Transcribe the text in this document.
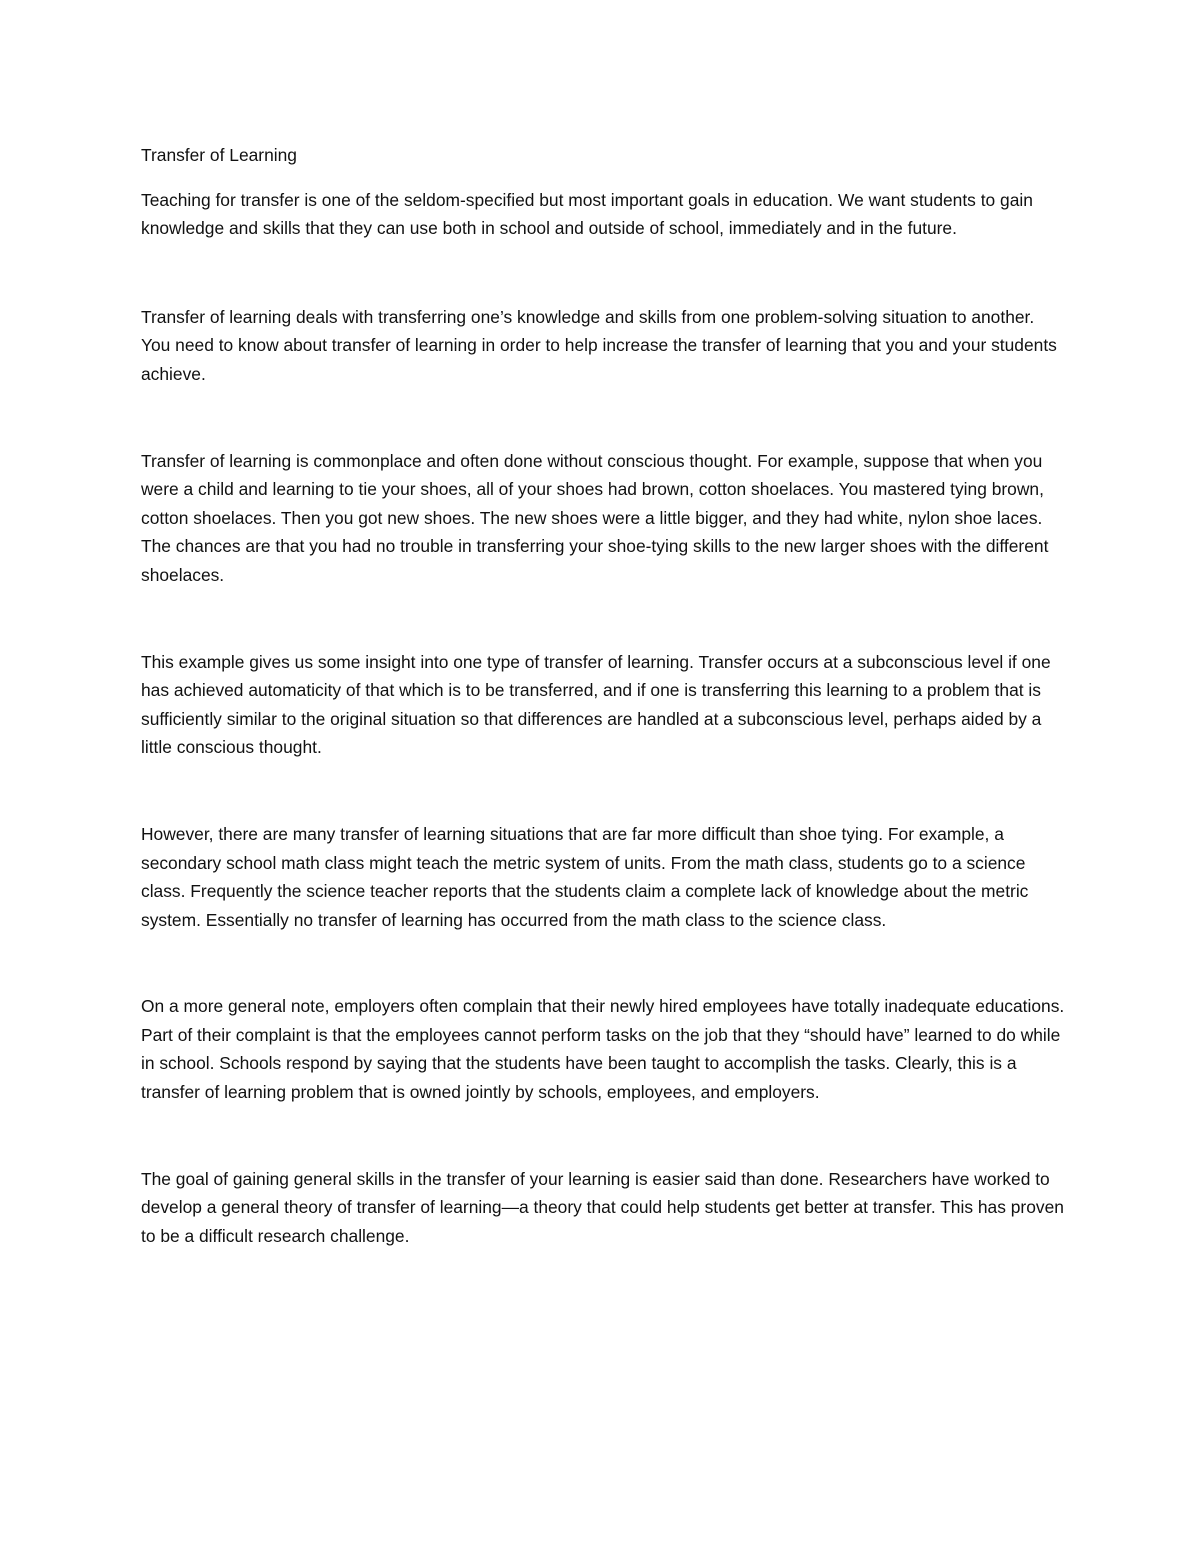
Transfer of Learning

Teaching for transfer is one of the seldom-specified but most important goals in education. We want students to gain knowledge and skills that they can use both in school and outside of school, immediately and in the future.

Transfer of learning deals with transferring one’s knowledge and skills from one problem-solving situation to another. You need to know about transfer of learning in order to help increase the transfer of learning that you and your students achieve.

Transfer of learning is commonplace and often done without conscious thought. For example, suppose that when you were a child and learning to tie your shoes, all of your shoes had brown, cotton shoelaces. You mastered tying brown, cotton shoelaces. Then you got new shoes. The new shoes were a little bigger, and they had white, nylon shoe laces. The chances are that you had no trouble in transferring your shoe-tying skills to the new larger shoes with the different shoelaces.

This example gives us some insight into one type of transfer of learning. Transfer occurs at a subconscious level if one has achieved automaticity of that which is to be transferred, and if one is transferring this learning to a problem that is sufficiently similar to the original situation so that differences are handled at a subconscious level, perhaps aided by a little conscious thought.

However, there are many transfer of learning situations that are far more difficult than shoe tying. For example, a secondary school math class might teach the metric system of units. From the math class, students go to a science class. Frequently the science teacher reports that the students claim a complete lack of knowledge about the metric system. Essentially no transfer of learning has occurred from the math class to the science class.

On a more general note, employers often complain that their newly hired employees have totally inadequate educations. Part of their complaint is that the employees cannot perform tasks on the job that they “should have” learned to do while in school. Schools respond by saying that the students have been taught to accomplish the tasks. Clearly, this is a transfer of learning problem that is owned jointly by schools, employees, and employers.

The goal of gaining general skills in the transfer of your learning is easier said than done. Researchers have worked to develop a general theory of transfer of learning—a theory that could help students get better at transfer. This has proven to be a difficult research challenge.
